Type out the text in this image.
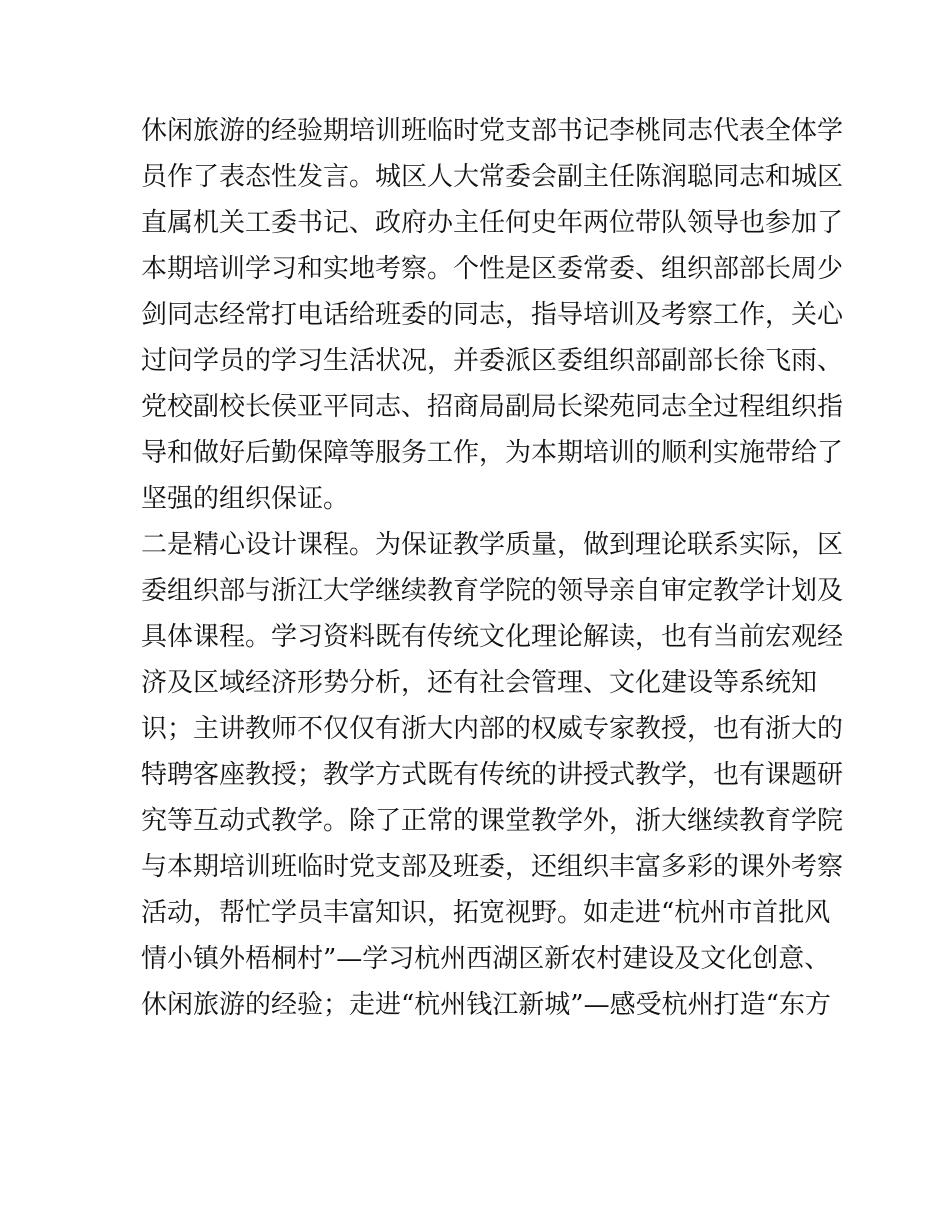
休闲旅游的经验期培训班临时党支部书记李桃同志代表全体学
员作了表态性发言。城区人大常委会副主任陈润聪同志和城区
直属机关工委书记、政府办主任何史年两位带队领导也参加了
本期培训学习和实地考察。个性是区委常委、组织部部长周少
剑同志经常打电话给班委的同志，指导培训及考察工作，关心
过问学员的学习生活状况，并委派区委组织部副部长徐飞雨、
党校副校长侯亚平同志、招商局副局长梁苑同志全过程组织指
导和做好后勤保障等服务工作，为本期培训的顺利实施带给了
坚强的组织保证。
二是精心设计课程。为保证教学质量，做到理论联系实际，区
委组织部与浙江大学继续教育学院的领导亲自审定教学计划及
具体课程。学习资料既有传统文化理论解读，也有当前宏观经
济及区域经济形势分析，还有社会管理、文化建设等系统知
识；主讲教师不仅仅有浙大内部的权威专家教授，也有浙大的
特聘客座教授；教学方式既有传统的讲授式教学，也有课题研
究等互动式教学。除了正常的课堂教学外，浙大继续教育学院
与本期培训班临时党支部及班委，还组织丰富多彩的课外考察
活动，帮忙学员丰富知识，拓宽视野。如走进“杭州市首批风
情小镇外梧桐村”—学习杭州西湖区新农村建设及文化创意、
休闲旅游的经验；走进“杭州钱江新城”—感受杭州打造“东方
